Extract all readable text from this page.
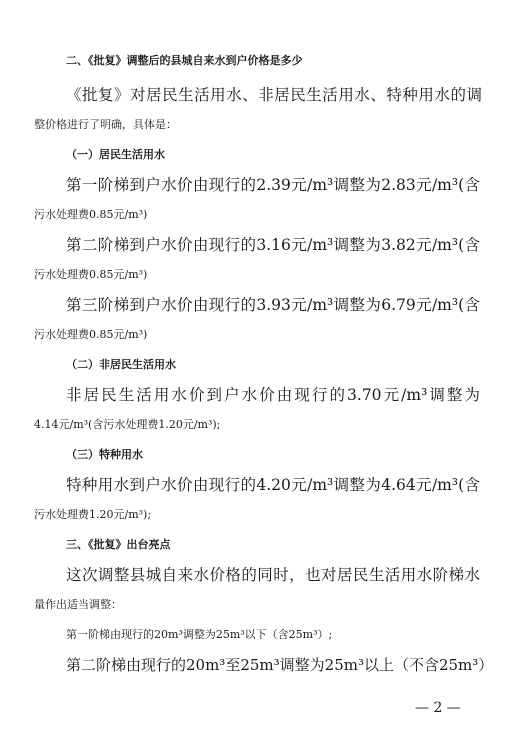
二、《批复》调整后的县城自来水到户价格是多少
《批复》对居民生活用水、非居民生活用水、特种用水的调
整价格进行了明确，具体是：
（一）居民生活用水
第一阶梯到户水价由现行的2.39元/m³调整为2.83元/m³(含
污水处理费0.85元/m³)
第二阶梯到户水价由现行的3.16元/m³调整为3.82元/m³(含
污水处理费0.85元/m³)
第三阶梯到户水价由现行的3.93元/m³调整为6.79元/m³(含
污水处理费0.85元/m³)
（二）非居民生活用水
非居民生活用水价到户水价由现行的3.70元/m³调整为
4.14元/m³(含污水处理费1.20元/m³);
（三）特种用水
特种用水到户水价由现行的4.20元/m³调整为4.64元/m³(含
污水处理费1.20元/m³);
三、《批复》出台亮点
这次调整县城自来水价格的同时，也对居民生活用水阶梯水
量作出适当调整：
第一阶梯由现行的20m³调整为25m³以下（含25m³）;
第二阶梯由现行的20m³至25m³调整为25m³以上（不含25m³）
— 2 —
